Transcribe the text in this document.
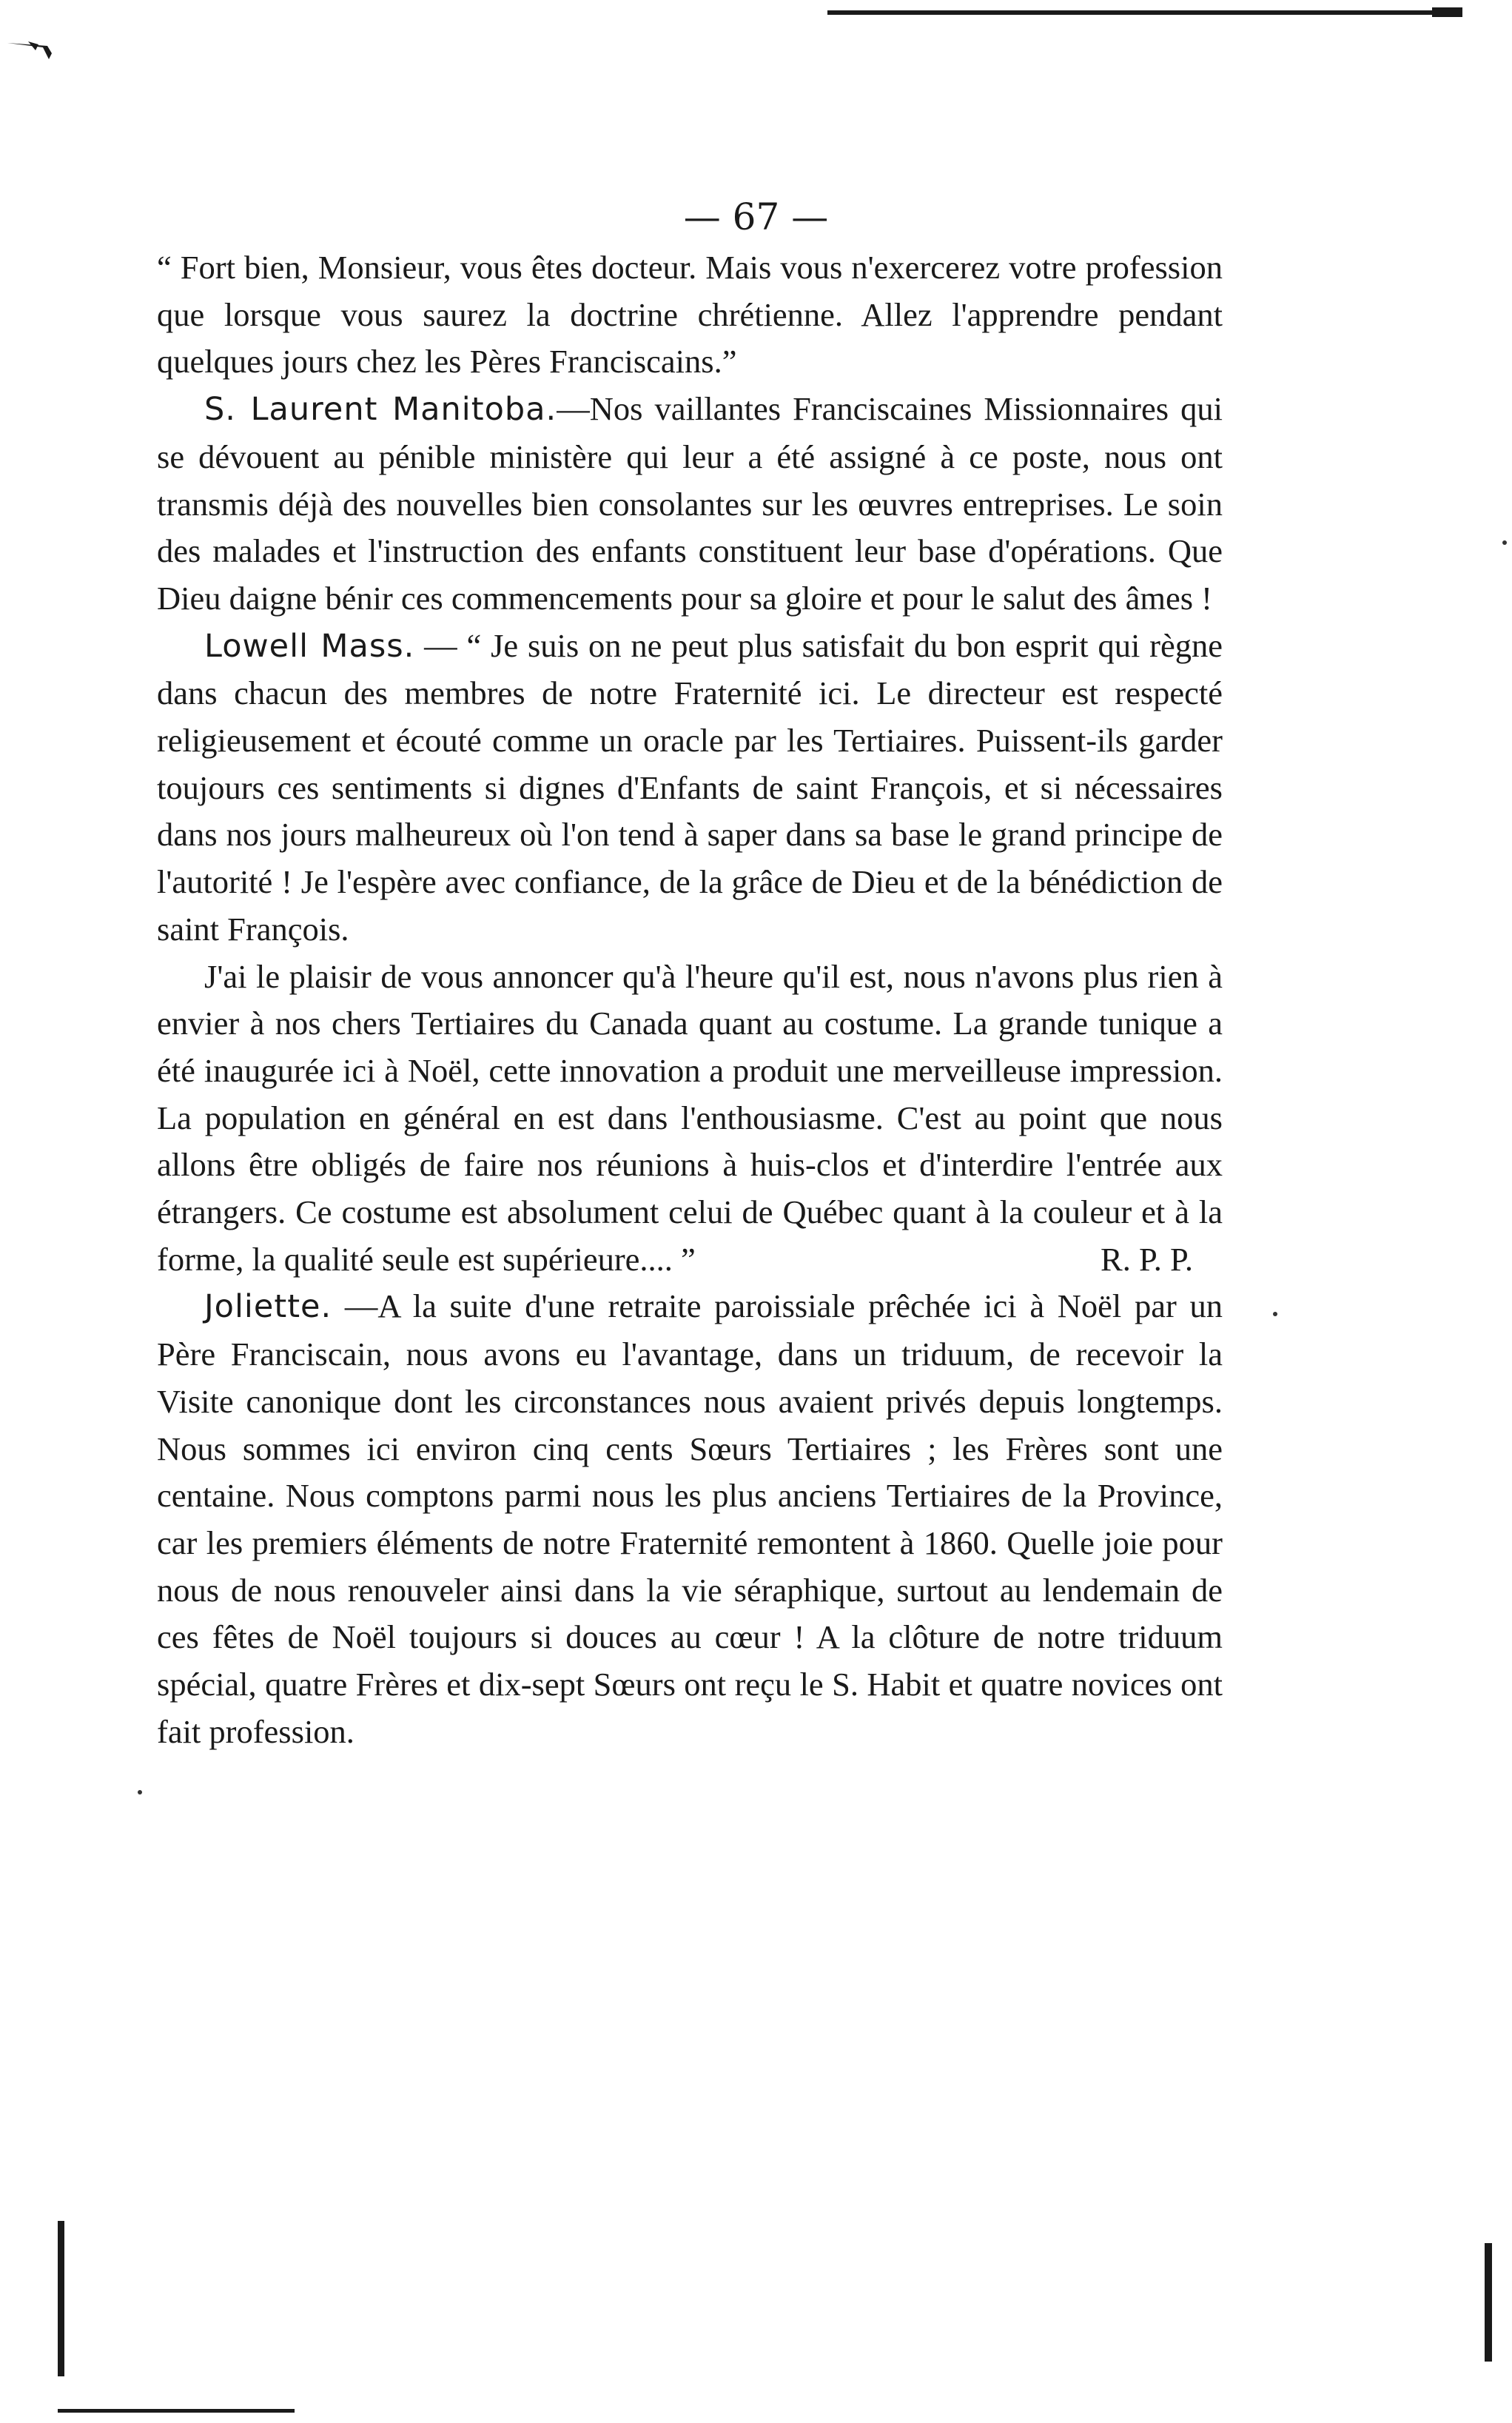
— 67 —

“ Fort bien, Monsieur, vous êtes docteur. Mais vous n'exercerez votre profession que lorsque vous saurez la doctrine chrétienne. Allez l'apprendre pendant quelques jours chez les Pères Franciscains.”

S. Laurent Manitoba.—Nos vaillantes Franciscaines Missionnaires qui se dévouent au pénible ministère qui leur a été assigné à ce poste, nous ont transmis déjà des nouvelles bien consolantes sur les œuvres entreprises. Le soin des malades et l'instruction des enfants constituent leur base d'opérations. Que Dieu daigne bénir ces commencements pour sa gloire et pour le salut des âmes !

Lowell Mass. — “ Je suis on ne peut plus satisfait du bon esprit qui règne dans chacun des membres de notre Fraternité ici. Le directeur est respecté religieusement et écouté comme un oracle par les Tertiaires. Puissent-ils garder toujours ces sentiments si dignes d'Enfants de saint François, et si nécessaires dans nos jours malheureux où l'on tend à saper dans sa base le grand principe de l'autorité ! Je l'espère avec confiance, de la grâce de Dieu et de la bénédiction de saint François.

J'ai le plaisir de vous annoncer qu'à l'heure qu'il est, nous n'avons plus rien à envier à nos chers Tertiaires du Canada quant au costume. La grande tunique a été inaugurée ici à Noël, cette innovation a produit une merveilleuse impression. La population en général en est dans l'enthousiasme. C'est au point que nous allons être obligés de faire nos réunions à huis-clos et d'interdire l'entrée aux étrangers. Ce costume est absolument celui de Québec quant à la couleur et à la forme, la qualité seule est supérieure.... ”	R. P. P.

Joliette. —A la suite d'une retraite paroissiale prêchée ici à Noël par un Père Franciscain, nous avons eu l'avantage, dans un triduum, de recevoir la Visite canonique dont les circonstances nous avaient privés depuis longtemps. Nous sommes ici environ cinq cents Sœurs Tertiaires ; les Frères sont une centaine. Nous comptons parmi nous les plus anciens Tertiaires de la Province, car les premiers éléments de notre Fraternité remontent à 1860. Quelle joie pour nous de nous renouveler ainsi dans la vie séraphique, surtout au lendemain de ces fêtes de Noël toujours si douces au cœur ! A la clôture de notre triduum spécial, quatre Frères et dix-sept Sœurs ont reçu le S. Habit et quatre novices ont fait profession.
